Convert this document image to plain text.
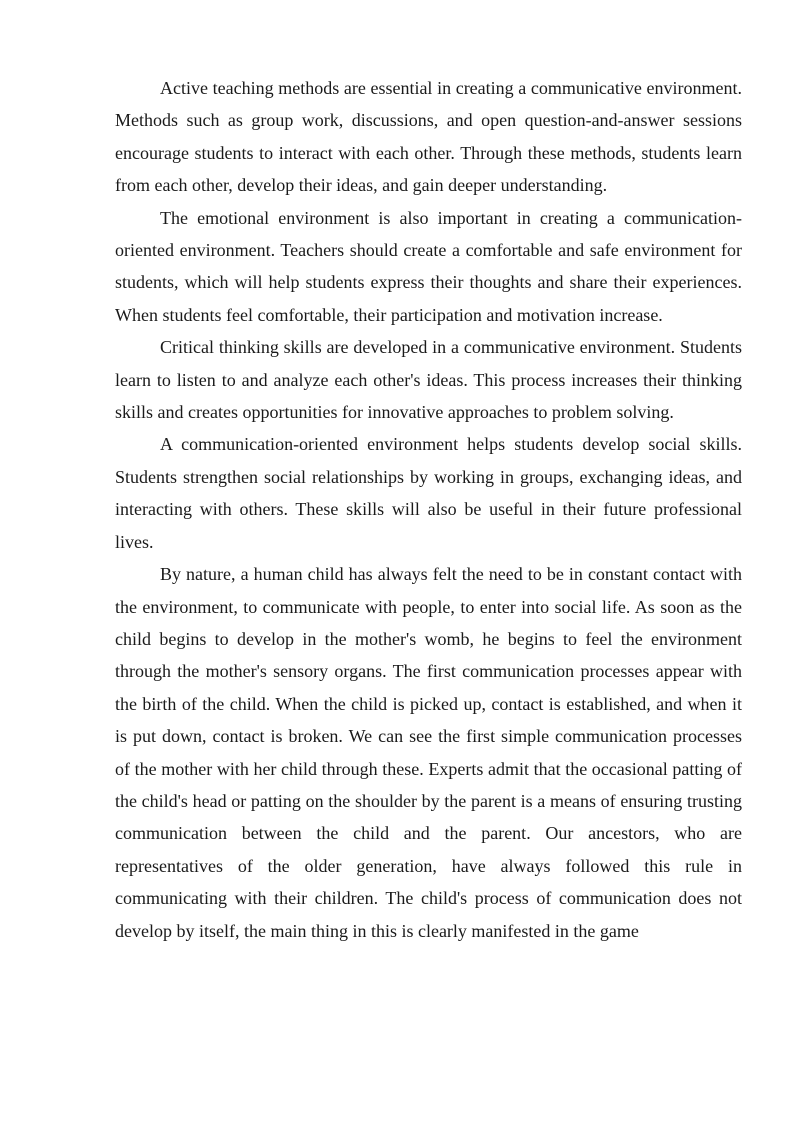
Active teaching methods are essential in creating a communicative environment. Methods such as group work, discussions, and open question-and-answer sessions encourage students to interact with each other. Through these methods, students learn from each other, develop their ideas, and gain deeper understanding.

The emotional environment is also important in creating a communication-oriented environment. Teachers should create a comfortable and safe environment for students, which will help students express their thoughts and share their experiences. When students feel comfortable, their participation and motivation increase.

Critical thinking skills are developed in a communicative environment. Students learn to listen to and analyze each other's ideas. This process increases their thinking skills and creates opportunities for innovative approaches to problem solving.

A communication-oriented environment helps students develop social skills. Students strengthen social relationships by working in groups, exchanging ideas, and interacting with others. These skills will also be useful in their future professional lives.

By nature, a human child has always felt the need to be in constant contact with the environment, to communicate with people, to enter into social life. As soon as the child begins to develop in the mother's womb, he begins to feel the environment through the mother's sensory organs. The first communication processes appear with the birth of the child. When the child is picked up, contact is established, and when it is put down, contact is broken. We can see the first simple communication processes of the mother with her child through these. Experts admit that the occasional patting of the child's head or patting on the shoulder by the parent is a means of ensuring trusting communication between the child and the parent. Our ancestors, who are representatives of the older generation, have always followed this rule in communicating with their children. The child's process of communication does not develop by itself, the main thing in this is clearly manifested in the game
